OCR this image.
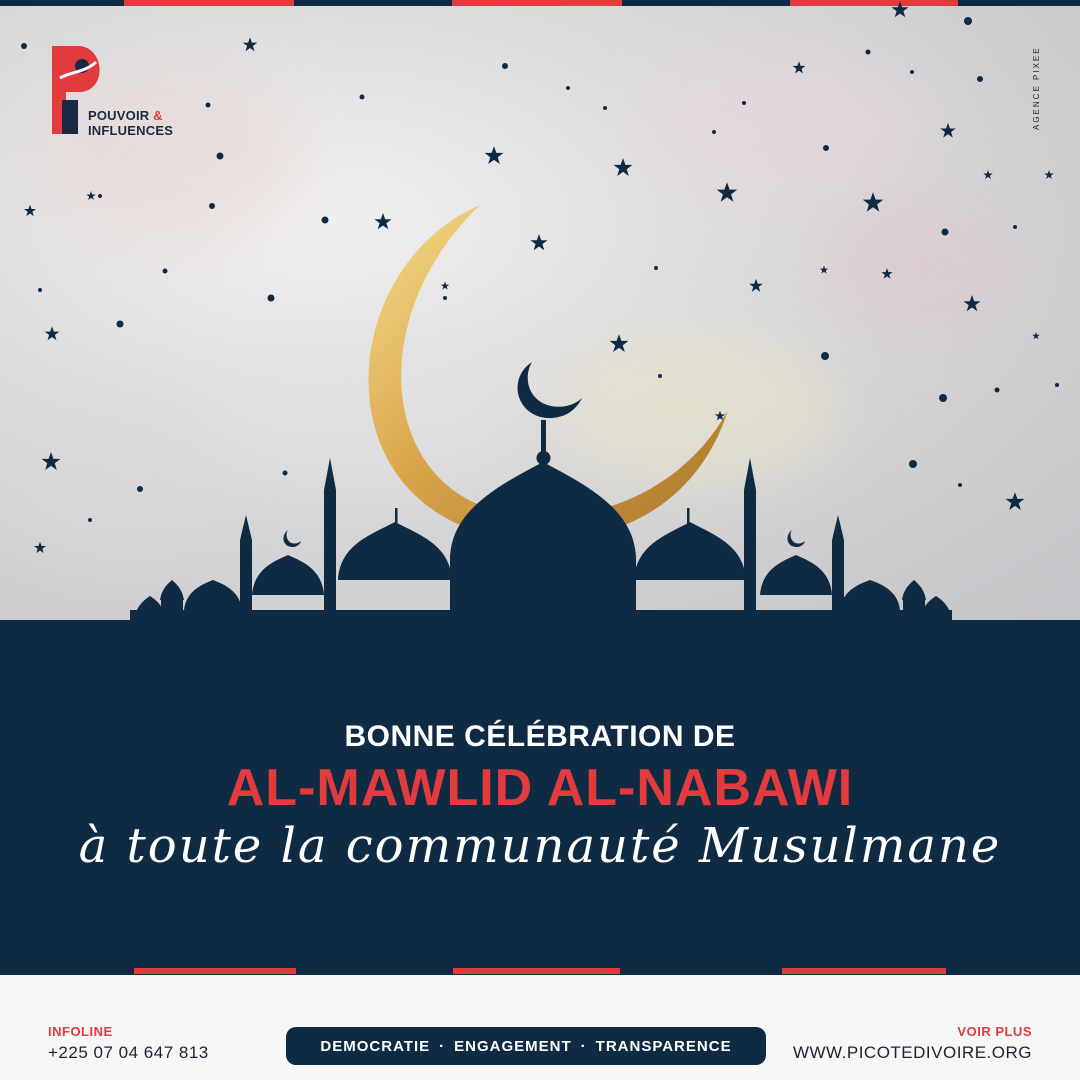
POUVOIR &
INFLUENCES
AGENCE PIXEE
BONNE CÉLÉBRATION DE
AL-MAWLID AL-NABAWI
à toute la communauté Musulmane
INFOLINE
+225 07 04 647 813	DEMOCRATIE · ENGAGEMENT · TRANSPARENCE
VOIR PLUS
WWW.PICOTEDIVOIRE.ORG
